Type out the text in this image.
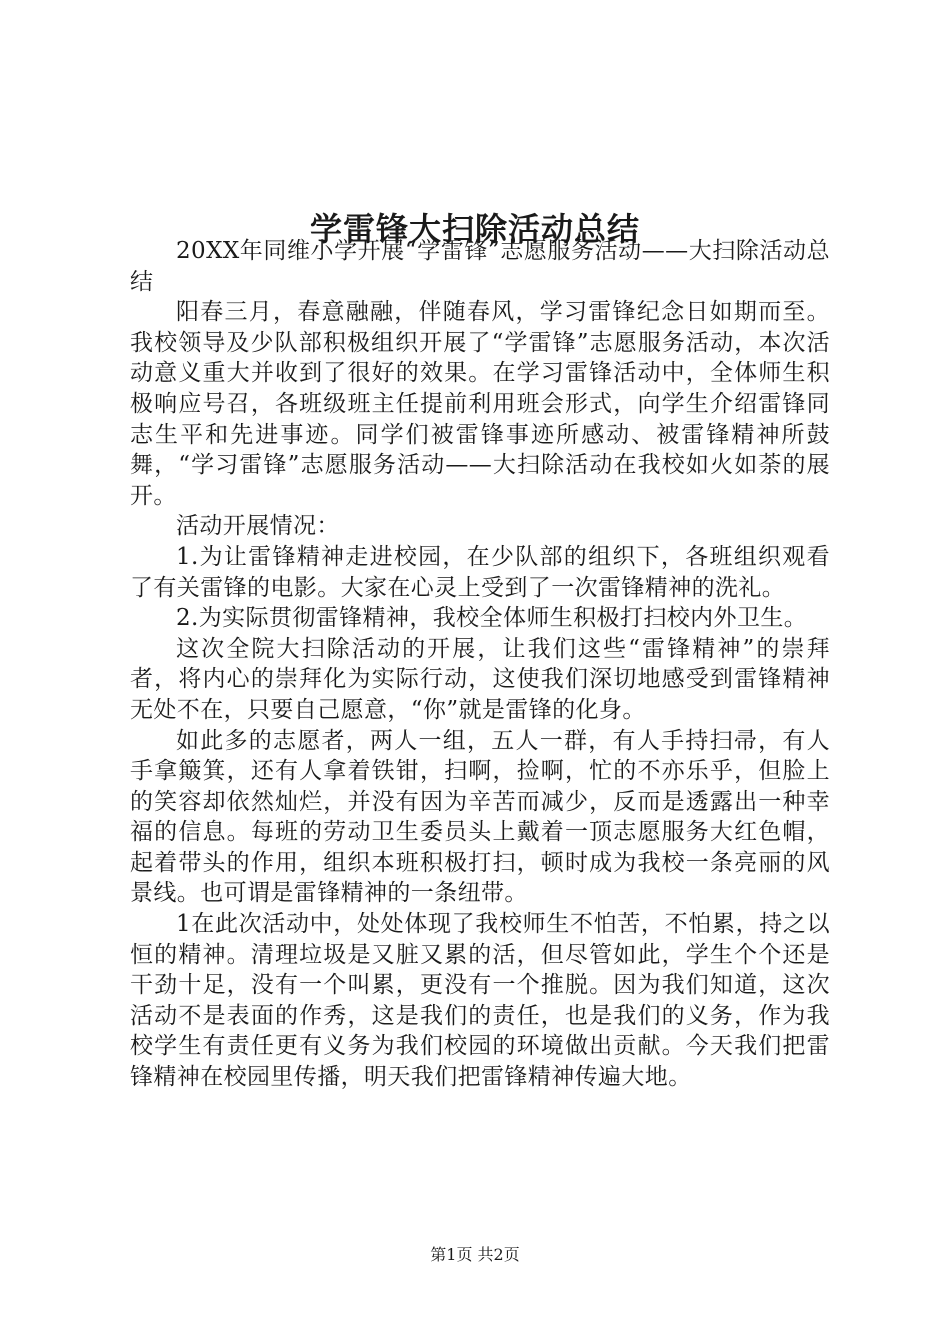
学雷锋大扫除活动总结

20XX年同维小学开展“学雷锋”志愿服务活动——大扫除活动总结

阳春三月，春意融融，伴随春风，学习雷锋纪念日如期而至。我校领导及少队部积极组织开展了“学雷锋”志愿服务活动，本次活动意义重大并收到了很好的效果。在学习雷锋活动中，全体师生积极响应号召，各班级班主任提前利用班会形式，向学生介绍雷锋同志生平和先进事迹。同学们被雷锋事迹所感动、被雷锋精神所鼓舞，“学习雷锋”志愿服务活动——大扫除活动在我校如火如荼的展开。

活动开展情况：

1.为让雷锋精神走进校园，在少队部的组织下，各班组织观看了有关雷锋的电影。大家在心灵上受到了一次雷锋精神的洗礼。

2.为实际贯彻雷锋精神，我校全体师生积极打扫校内外卫生。

这次全院大扫除活动的开展，让我们这些“雷锋精神”的崇拜者，将内心的崇拜化为实际行动，这使我们深切地感受到雷锋精神无处不在，只要自己愿意，“你”就是雷锋的化身。

如此多的志愿者，两人一组，五人一群，有人手持扫帚，有人手拿簸箕，还有人拿着铁钳，扫啊，捡啊，忙的不亦乐乎，但脸上的笑容却依然灿烂，并没有因为辛苦而减少，反而是透露出一种幸福的信息。每班的劳动卫生委员头上戴着一顶志愿服务大红色帽，起着带头的作用，组织本班积极打扫，顿时成为我校一条亮丽的风景线。也可谓是雷锋精神的一条纽带。

1在此次活动中，处处体现了我校师生不怕苦，不怕累，持之以恒的精神。清理垃圾是又脏又累的活，但尽管如此，学生个个还是干劲十足，没有一个叫累，更没有一个推脱。因为我们知道，这次活动不是表面的作秀，这是我们的责任，也是我们的义务，作为我校学生有责任更有义务为我们校园的环境做出贡献。今天我们把雷锋精神在校园里传播，明天我们把雷锋精神传遍大地。

第1页 共2页
